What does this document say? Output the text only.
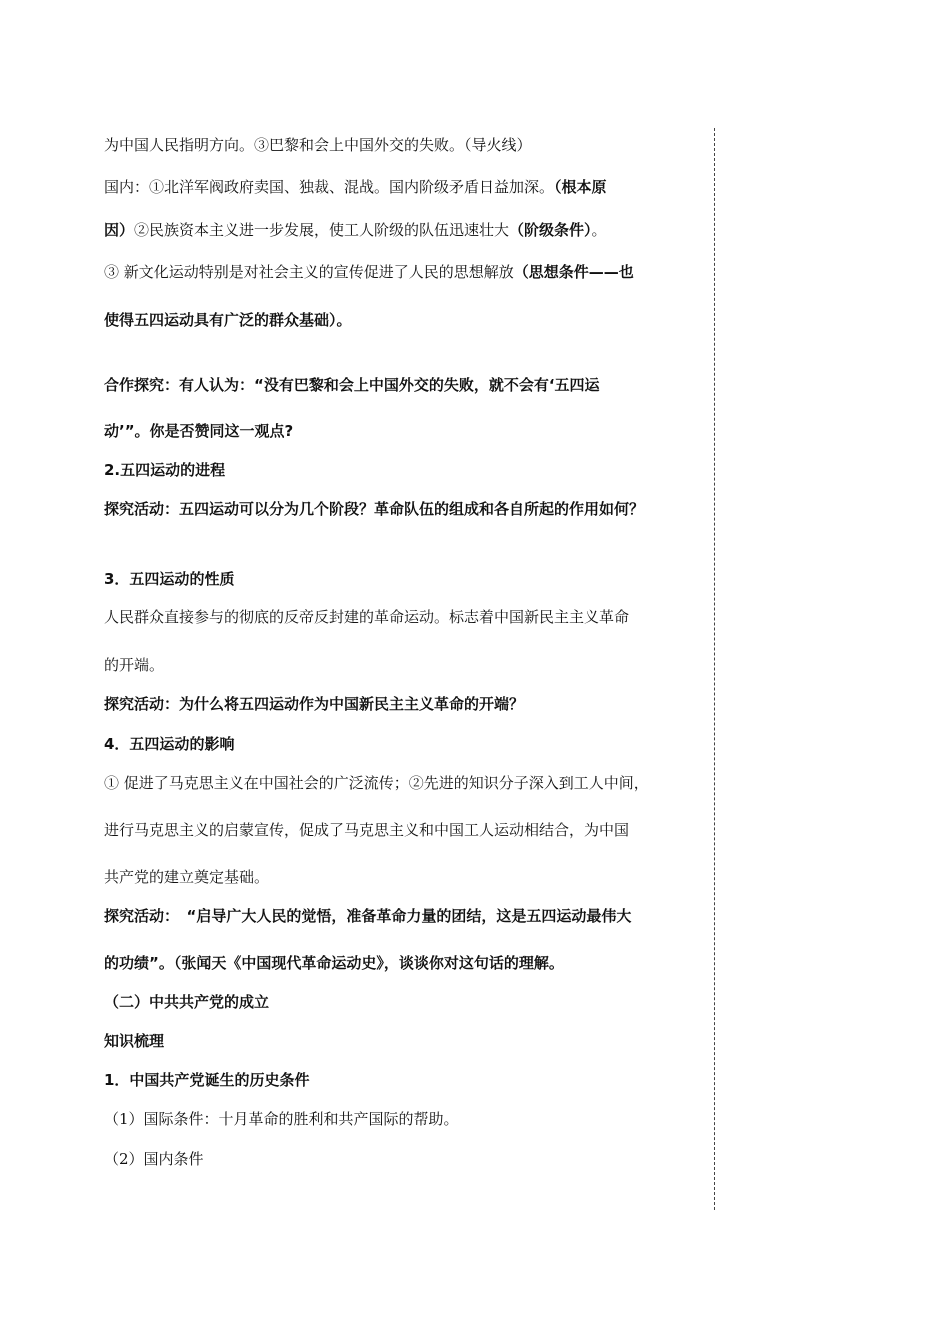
为中国人民指明方向。③巴黎和会上中国外交的失败。（导火线）
国内：①北洋军阀政府卖国、独裁、混战。国内阶级矛盾日益加深。（根本原
因）②民族资本主义进一步发展，使工人阶级的队伍迅速壮大（阶级条件）。
③ 新文化运动特别是对社会主义的宣传促进了人民的思想解放（思想条件——也
使得五四运动具有广泛的群众基础）。
合作探究：有人认为：“没有巴黎和会上中国外交的失败，就不会有‘五四运
动’”。你是否赞同这一观点?
2.五四运动的进程
探究活动：五四运动可以分为几个阶段？革命队伍的组成和各自所起的作用如何？
3．五四运动的性质
人民群众直接参与的彻底的反帝反封建的革命运动。标志着中国新民主主义革命
的开端。
探究活动：为什么将五四运动作为中国新民主主义革命的开端？
4．五四运动的影响
① 促进了马克思主义在中国社会的广泛流传；②先进的知识分子深入到工人中间，
进行马克思主义的启蒙宣传，促成了马克思主义和中国工人运动相结合，为中国
共产党的建立奠定基础。
探究活动：　“启导广大人民的觉悟，准备革命力量的团结，这是五四运动最伟大
的功绩”。（张闻天《中国现代革命运动史》，谈谈你对这句话的理解。
（二）中共共产党的成立
知识梳理
1．中国共产党诞生的历史条件
（1）国际条件：十月革命的胜利和共产国际的帮助。
（2）国内条件
